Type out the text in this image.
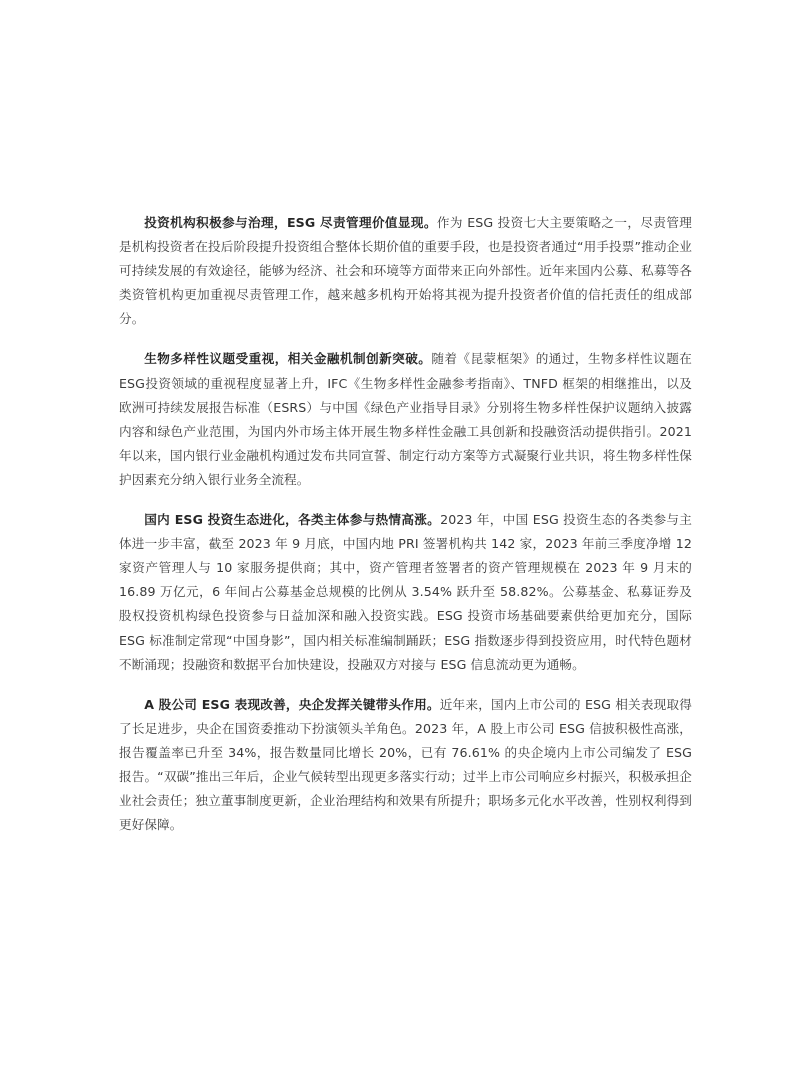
投资机构积极参与治理，ESG 尽责管理价值显现。作为 ESG 投资七大主要策略之一，尽责管理是机构投资者在投后阶段提升投资组合整体长期价值的重要手段，也是投资者通过“用手投票”推动企业可持续发展的有效途径，能够为经济、社会和环境等方面带来正向外部性。近年来国内公募、私募等各类资管机构更加重视尽责管理工作，越来越多机构开始将其视为提升投资者价值的信托责任的组成部分。

生物多样性议题受重视，相关金融机制创新突破。随着《昆蒙框架》的通过，生物多样性议题在ESG投资领域的重视程度显著上升，IFC《生物多样性金融参考指南》、TNFD 框架的相继推出，以及欧洲可持续发展报告标准（ESRS）与中国《绿色产业指导目录》分别将生物多样性保护议题纳入披露内容和绿色产业范围，为国内外市场主体开展生物多样性金融工具创新和投融资活动提供指引。2021 年以来，国内银行业金融机构通过发布共同宣誓、制定行动方案等方式凝聚行业共识，将生物多样性保护因素充分纳入银行业务全流程。

国内 ESG 投资生态进化，各类主体参与热情高涨。2023 年，中国 ESG 投资生态的各类参与主体进一步丰富，截至 2023 年 9 月底，中国内地 PRI 签署机构共 142 家，2023 年前三季度净增 12 家资产管理人与 10 家服务提供商；其中，资产管理者签署者的资产管理规模在 2023 年 9 月末的 16.89 万亿元，6 年间占公募基金总规模的比例从 3.54% 跃升至 58.82%。公募基金、私募证券及股权投资机构绿色投资参与日益加深和融入投资实践。ESG 投资市场基础要素供给更加充分，国际 ESG 标准制定常现“中国身影”，国内相关标准编制踊跃；ESG 指数逐步得到投资应用，时代特色题材不断涌现；投融资和数据平台加快建设，投融双方对接与 ESG 信息流动更为通畅。

A 股公司 ESG 表现改善，央企发挥关键带头作用。近年来，国内上市公司的 ESG 相关表现取得了长足进步，央企在国资委推动下扮演领头羊角色。2023 年，A 股上市公司 ESG 信披积极性高涨，报告覆盖率已升至 34%，报告数量同比增长 20%，已有 76.61% 的央企境内上市公司编发了 ESG 报告。“双碳”推出三年后，企业气候转型出现更多落实行动；过半上市公司响应乡村振兴，积极承担企业社会责任；独立董事制度更新，企业治理结构和效果有所提升；职场多元化水平改善，性别权利得到更好保障。
